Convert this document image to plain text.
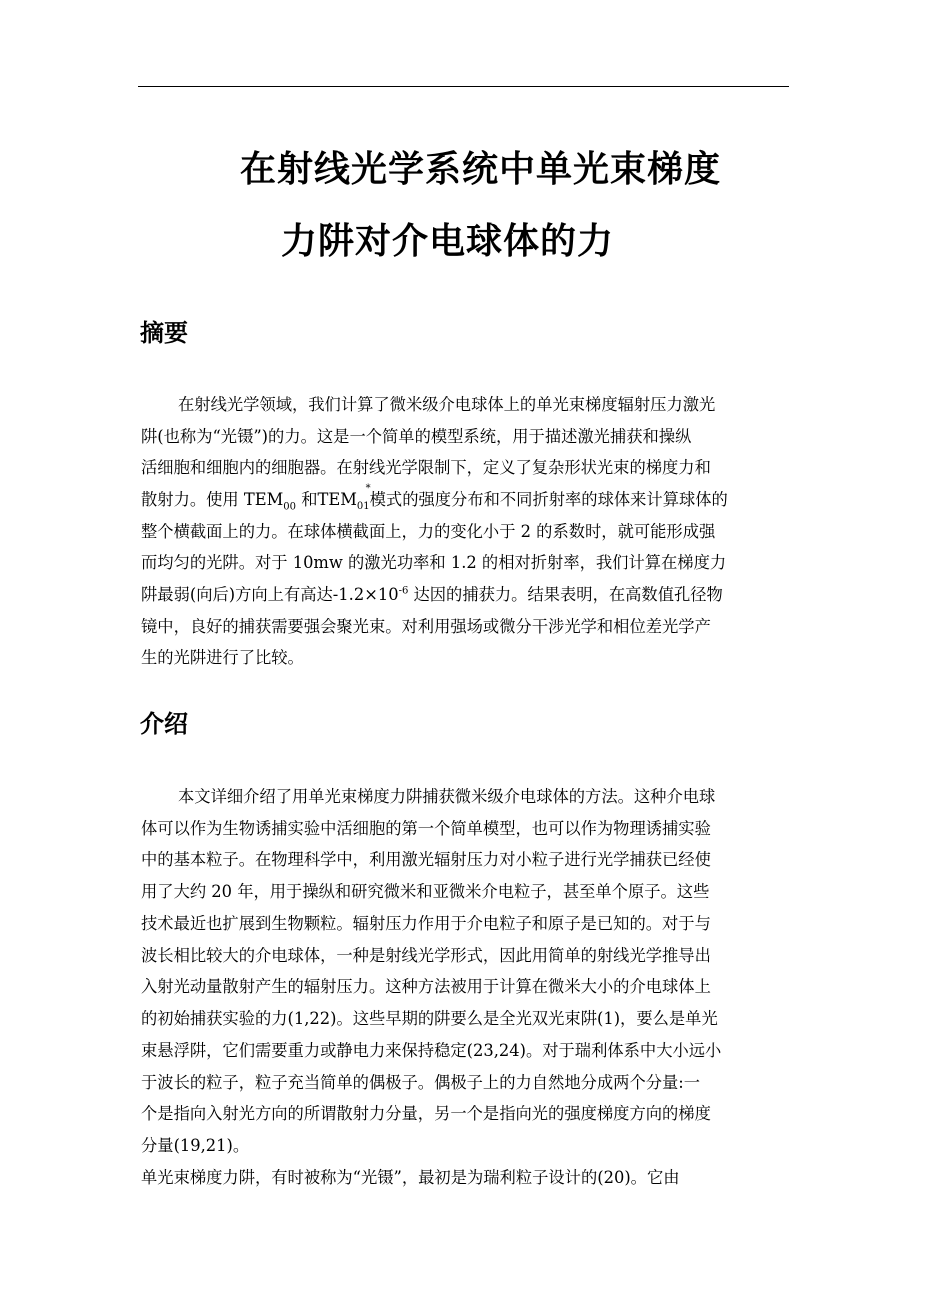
在射线光学系统中单光束梯度
力阱对介电球体的力
摘要

在射线光学领域，我们计算了微米级介电球体上的单光束梯度辐射压力激光

阱(也称为“光镊”)的力。这是一个简单的模型系统，用于描述激光捕获和操纵

活细胞和细胞内的细胞器。在射线光学限制下，定义了复杂形状光束的梯度力和

散射力。使用 $TEM_{00}$ 和TEM
*
$_{01}$模式的强度分布和不同折射率的球体来计算球体的

整个横截面上的力。在球体横截面上，力的变化小于 2 的系数时，就可能形成强

而均匀的光阱。对于 10mw 的激光功率和 1.2 的相对折射率，我们计算在梯度力

阱最弱(向后)方向上有高达$-1.2\times 10^{-6}$ 达因的捕获力。结果表明，在高数值孔径物

镜中，良好的捕获需要强会聚光束。对利用强场或微分干涉光学和相位差光学产

生的光阱进行了比较。

介绍

本文详细介绍了用单光束梯度力阱捕获微米级介电球体的方法。这种介电球

体可以作为生物诱捕实验中活细胞的第一个简单模型，也可以作为物理诱捕实验

中的基本粒子。在物理科学中，利用激光辐射压力对小粒子进行光学捕获已经使

用了大约 20 年，用于操纵和研究微米和亚微米介电粒子，甚至单个原子。这些

技术最近也扩展到生物颗粒。辐射压力作用于介电粒子和原子是已知的。对于与

波长相比较大的介电球体，一种是射线光学形式，因此用简单的射线光学推导出

入射光动量散射产生的辐射压力。这种方法被用于计算在微米大小的介电球体上

的初始捕获实验的力(1,22)。这些早期的阱要么是全光双光束阱(1)，要么是单光

束悬浮阱，它们需要重力或静电力来保持稳定(23,24)。对于瑞利体系中大小远小

于波长的粒子，粒子充当简单的偶极子。偶极子上的力自然地分成两个分量:一

个是指向入射光方向的所谓散射力分量，另一个是指向光的强度梯度方向的梯度

分量(19,21)。

单光束梯度力阱，有时被称为“光镊”，最初是为瑞利粒子设计的(20)。它由
